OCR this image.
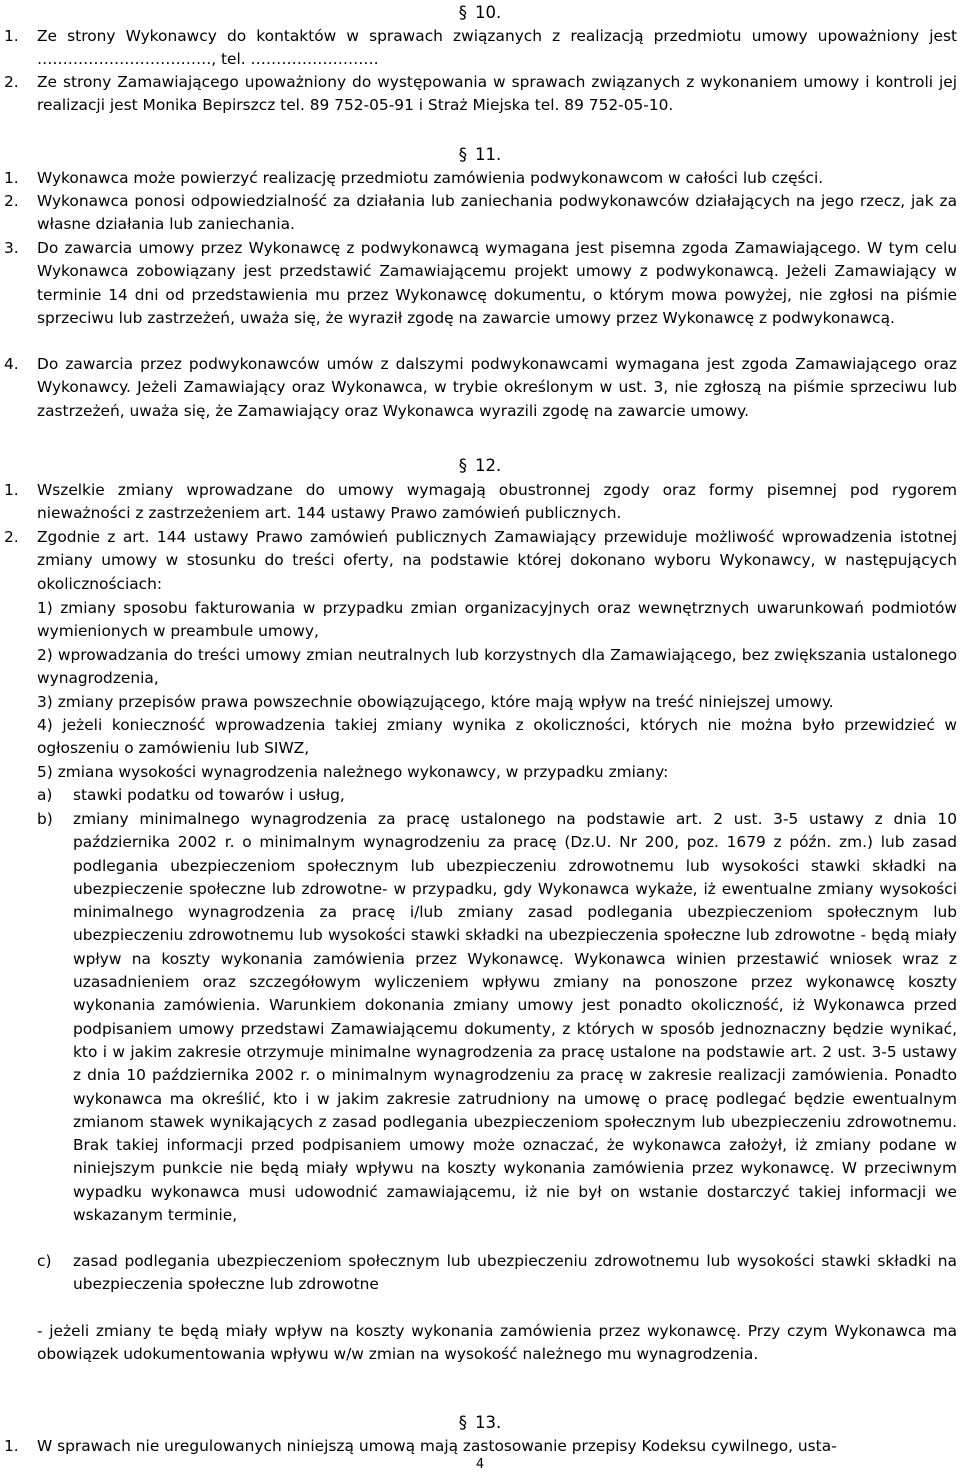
§ 10.
1.	Ze strony Wykonawcy do kontaktów w sprawach związanych z realizacją przedmiotu umowy upoważniony jest ……………………………., tel. …………………….
2.	Ze strony Zamawiającego upoważniony do występowania w sprawach związanych z wykonaniem umowy i kontroli jej realizacji jest Monika Bepirszcz tel. 89 752-05-91 i Straż Miejska tel. 89 752-05-10.
§ 11.
1.	Wykonawca może powierzyć realizację przedmiotu zamówienia podwykonawcom w całości lub części.
2.	Wykonawca ponosi odpowiedzialność za działania lub zaniechania podwykonawców działających na jego rzecz, jak za własne działania lub zaniechania.
3.	Do zawarcia umowy przez Wykonawcę z podwykonawcą wymagana jest pisemna zgoda Zamawiającego. W tym celu Wykonawca zobowiązany jest przedstawić Zamawiającemu projekt umowy z podwykonawcą. Jeżeli Zamawiający w terminie 14 dni od przedstawienia mu przez Wykonawcę dokumentu, o którym mowa powyżej, nie zgłosi na piśmie sprzeciwu lub zastrzeżeń, uważa się, że wyraził zgodę na zawarcie umowy przez Wykonawcę z podwykonawcą.
4.	Do zawarcia przez podwykonawców umów z dalszymi podwykonawcami wymagana jest zgoda Zamawiającego oraz Wykonawcy. Jeżeli Zamawiający oraz Wykonawca, w trybie określonym w ust. 3, nie zgłoszą na piśmie sprzeciwu lub zastrzeżeń, uważa się, że Zamawiający oraz Wykonawca wyrazili zgodę na zawarcie umowy.
§ 12.
1.	Wszelkie zmiany wprowadzane do umowy wymagają obustronnej zgody oraz formy pisemnej pod rygorem nieważności z zastrzeżeniem art. 144 ustawy Prawo zamówień publicznych.
2.	Zgodnie z art. 144 ustawy Prawo zamówień publicznych Zamawiający przewiduje możliwość wprowadzenia istotnej zmiany umowy w stosunku do treści oferty, na podstawie której dokonano wyboru Wykonawcy, w następujących okolicznościach:
1) zmiany sposobu fakturowania w przypadku zmian organizacyjnych oraz wewnętrznych uwarunkowań podmiotów wymienionych w preambule umowy,
2) wprowadzania do treści umowy zmian neutralnych lub korzystnych dla Zamawiającego, bez zwiększania ustalonego wynagrodzenia,
3) zmiany przepisów prawa powszechnie obowiązującego, które mają wpływ na treść niniejszej umowy.
4) jeżeli konieczność wprowadzenia takiej zmiany wynika z okoliczności, których nie można było przewidzieć w ogłoszeniu o zamówieniu lub SIWZ,
5) zmiana wysokości wynagrodzenia należnego wykonawcy, w przypadku zmiany:
a)	stawki podatku od towarów i usług,
b)	zmiany minimalnego wynagrodzenia za pracę ustalonego na podstawie art. 2 ust. 3-5 ustawy z dnia 10 października 2002 r. o minimalnym wynagrodzeniu za pracę (Dz.U. Nr 200, poz. 1679 z późn. zm.) lub zasad podlegania ubezpieczeniom społecznym lub ubezpieczeniu zdrowotnemu lub wysokości stawki składki na ubezpieczenie społeczne lub zdrowotne- w przypadku, gdy Wykonawca wykaże, iż ewentualne zmiany wysokości minimalnego wynagrodzenia za pracę i/lub zmiany zasad podlegania ubezpieczeniom społecznym lub ubezpieczeniu zdrowotnemu lub wysokości stawki składki na ubezpieczenia społeczne lub zdrowotne - będą miały wpływ na koszty wykonania zamówienia przez Wykonawcę. Wykonawca winien przestawić wniosek wraz z uzasadnieniem oraz szczegółowym wyliczeniem wpływu zmiany na ponoszone przez wykonawcę koszty wykonania zamówienia. Warunkiem dokonania zmiany umowy jest ponadto okoliczność, iż Wykonawca przed podpisaniem umowy przedstawi Zamawiającemu dokumenty, z których w sposób jednoznaczny będzie wynikać, kto i w jakim zakresie otrzymuje minimalne wynagrodzenia za pracę ustalone na podstawie art. 2 ust. 3-5 ustawy z dnia 10 października 2002 r. o minimalnym wynagrodzeniu za pracę w zakresie realizacji zamówienia. Ponadto wykonawca ma określić, kto i w jakim zakresie zatrudniony na umowę o pracę podlegać będzie ewentualnym zmianom stawek wynikających z zasad podlegania ubezpieczeniom społecznym lub ubezpieczeniu zdrowotnemu. Brak takiej informacji przed podpisaniem umowy może oznaczać, że wykonawca założył, iż zmiany podane w niniejszym punkcie nie będą miały wpływu na koszty wykonania zamówienia przez wykonawcę. W przeciwnym wypadku wykonawca musi udowodnić zamawiającemu, iż nie był on wstanie dostarczyć takiej informacji we wskazanym terminie,
c)	zasad podlegania ubezpieczeniom społecznym lub ubezpieczeniu zdrowotnemu lub wysokości stawki składki na ubezpieczenia społeczne lub zdrowotne
- jeżeli zmiany te będą miały wpływ na koszty wykonania zamówienia przez wykonawcę. Przy czym Wykonawca ma obowiązek udokumentowania wpływu w/w zmian na wysokość należnego mu wynagrodzenia.
§ 13.
1.	W sprawach nie uregulowanych niniejszą umową mają zastosowanie przepisy Kodeksu cywilnego, usta-
4
